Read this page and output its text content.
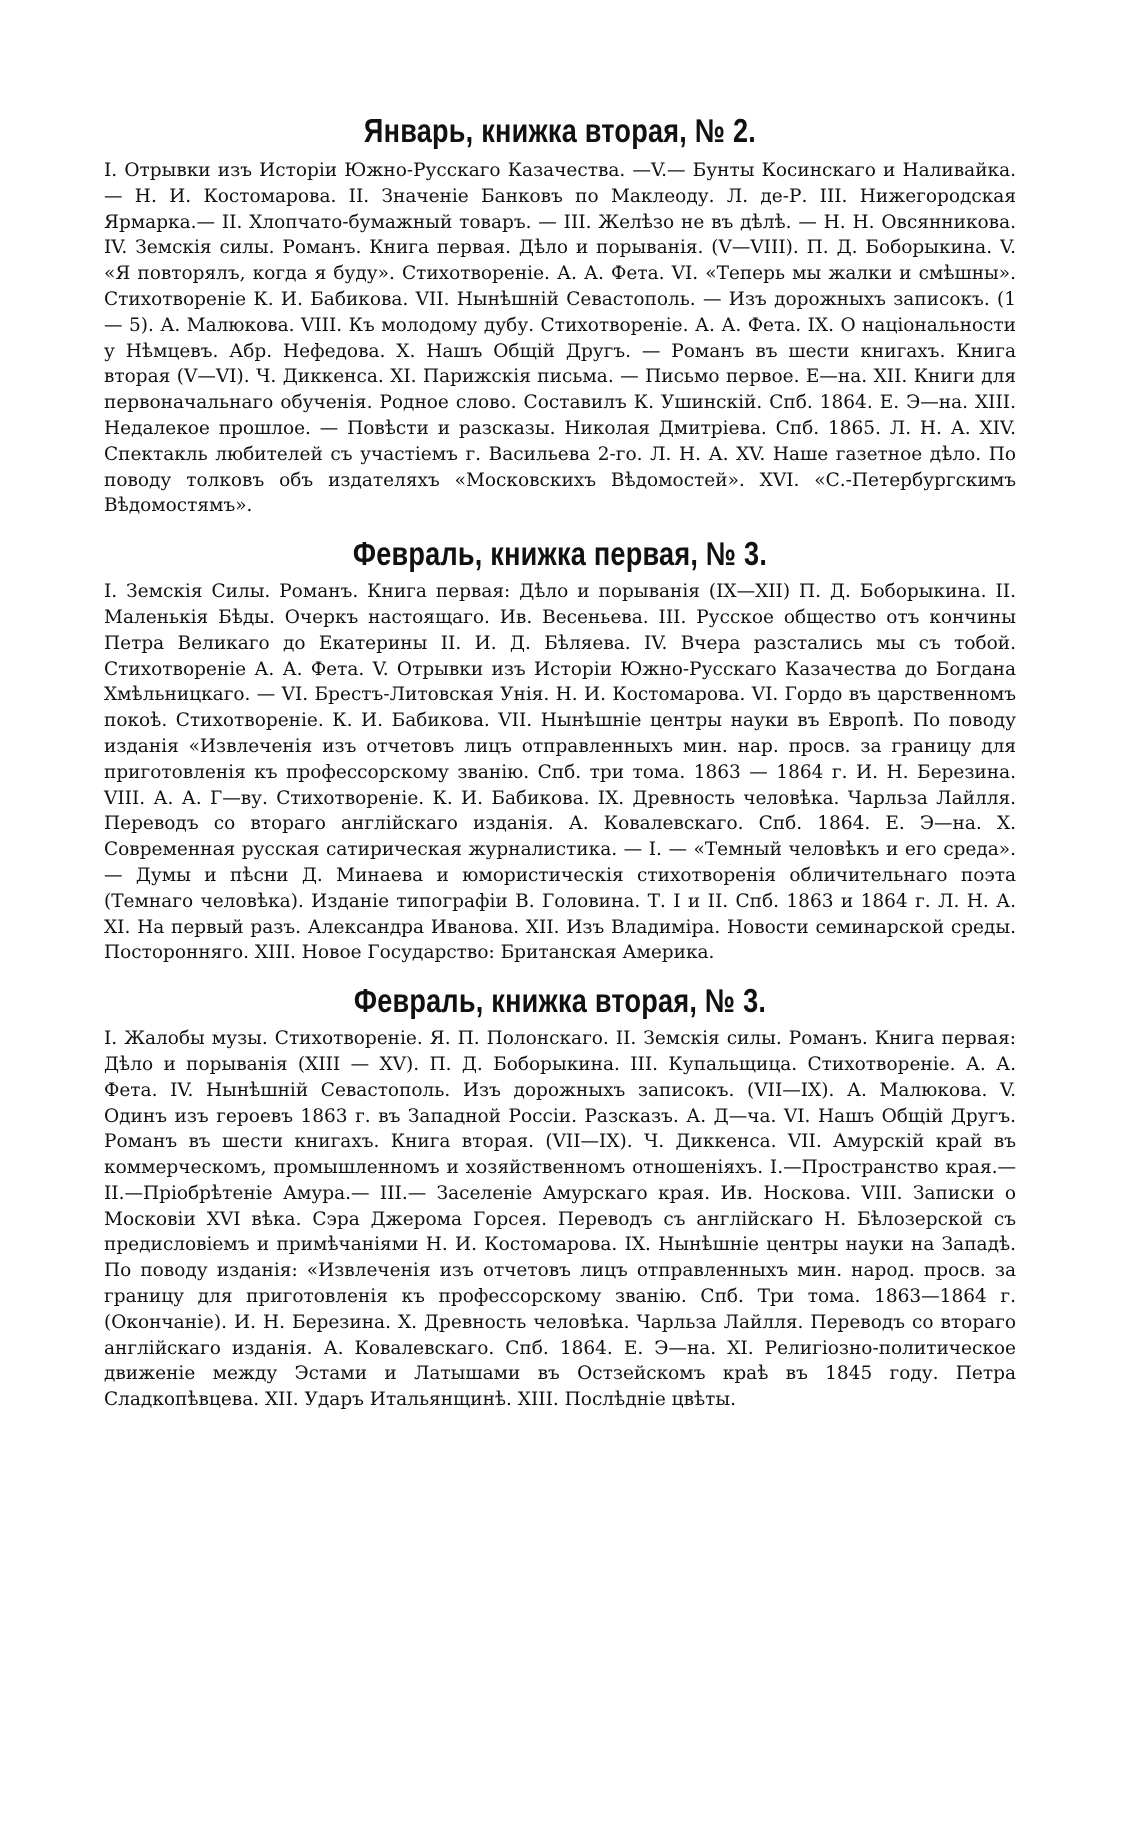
Январь, книжка вторая, № 2.

I. Отрывки изъ Исторіи Южно-Русскаго Казачества. —V.— Бунты Косинскаго и Наливайка. — Н. И. Костомарова. II. Значеніе Банковъ по Маклеоду. Л. де-Р. III. Нижегородская Ярмарка.— II. Хлопчато-бумажный товаръ. — III. Желѣзо не въ дѣлѣ. — Н. Н. Овсянникова. IV. Земскія силы. Романъ. Книга первая. Дѣло и порыванія. (V—VIII). П. Д. Боборыкина. V. «Я повторялъ, когда я буду». Стихотвореніе. А. А. Фета. VI. «Теперь мы жалки и смѣшны». Стихотвореніе К. И. Бабикова. VII. Нынѣшній Севастополь. — Изъ дорожныхъ записокъ. (1 — 5). А. Малюкова. VIII. Къ молодому дубу. Стихотвореніе. А. А. Фета. IX. О національности у Нѣмцевъ. Абр. Нефедова. X. Нашъ Общій Другъ. — Романъ въ шести книгахъ. Книга вторая (V—VI). Ч. Диккенса. XI. Парижскія письма. — Письмо первое. Е—на. XII. Книги для первоначальнаго обученія. Родное слово. Составилъ К. Ушинскій. Спб. 1864. Е. Э—на. XIII. Недалекое прошлое. — Повѣсти и разсказы. Николая Дмитріева. Спб. 1865. Л. Н. А. XIV. Спектакль любителей съ участіемъ г. Васильева 2-го. Л. Н. А. XV. Наше газетное дѣло. По поводу толковъ объ издателяхъ «Московскихъ Вѣдомостей». XVI. «С.-Петербургскимъ Вѣдомостямъ».

Февраль, книжка первая, № 3.

I. Земскія Силы. Романъ. Книга первая: Дѣло и порыванія (IX—XII) П. Д. Боборыкина. II. Маленькія Бѣды. Очеркъ настоящаго. Ив. Весеньева. III. Русское общество отъ кончины Петра Великаго до Екатерины II. И. Д. Бѣляева. IV. Вчера разстались мы съ тобой. Стихотвореніе А. А. Фета. V. Отрывки изъ Исторіи Южно-Русскаго Казачества до Богдана Хмѣльницкаго. — VI. Брестъ-Литовская Унія. Н. И. Костомарова. VI. Гордо въ царственномъ покоѣ. Стихотвореніе. К. И. Бабикова. VII. Нынѣшніе центры науки въ Европѣ. По поводу изданія «Извлеченія изъ отчетовъ лицъ отправленныхъ мин. нар. просв. за границу для приготовленія къ профессорскому званію. Спб. три тома. 1863 — 1864 г. И. Н. Березина. VIII. А. А. Г—ву. Стихотвореніе. К. И. Бабикова. IX. Древность человѣка. Чарльза Лайлля. Переводъ со втораго англійскаго изданія. А. Ковалевскаго. Спб. 1864. Е. Э—на. X. Современная русская сатирическая журналистика. — I. — «Темный человѣкъ и его среда».— Думы и пѣсни Д. Минаева и юмористическія стихотворенія обличительнаго поэта (Темнаго человѣка). Изданіе типографіи В. Головина. Т. I и II. Спб. 1863 и 1864 г. Л. Н. А. XI. На первый разъ. Александра Иванова. XII. Изъ Владиміра. Новости семинарской среды. Посторонняго. XIII. Новое Государство: Британская Америка.

Февраль, книжка вторая, № 3.

I. Жалобы музы. Стихотвореніе. Я. П. Полонскаго. II. Земскія силы. Романъ. Книга первая: Дѣло и порыванія (XIII — XV). П. Д. Боборыкина. III. Купальщица. Стихотвореніе. А. А. Фета. IV. Нынѣшній Севастополь. Изъ дорожныхъ записокъ. (VII—IX). А. Малюкова. V. Одинъ изъ героевъ 1863 г. въ Западной Россіи. Разсказъ. А. Д—ча. VI. Нашъ Общій Другъ. Романъ въ шести книгахъ. Книга вторая. (VII—IX). Ч. Диккенса. VII. Амурскій край въ коммерческомъ, промышленномъ и хозяйственномъ отношеніяхъ. I.—Пространство края.—II.—Пріобрѣтеніе Амура.— III.— Заселеніе Амурскаго края. Ив. Носкова. VIII. Записки о Московіи XVI вѣка. Сэра Джерома Горсея. Переводъ съ англійскаго Н. Бѣлозерской съ предисловіемъ и примѣчаніями Н. И. Костомарова. IX. Нынѣшніе центры науки на Западѣ. По поводу изданія: «Извлеченія изъ отчетовъ лицъ отправленныхъ мин. народ. просв. за границу для приготовленія къ профессорскому званію. Спб. Три тома. 1863—1864 г. (Окончаніе). И. Н. Березина. X. Древность человѣка. Чарльза Лайлля. Переводъ со втораго англійскаго изданія. А. Ковалевскаго. Спб. 1864. Е. Э—на. XI. Религіозно-политическое движеніе между Эстами и Латышами въ Остзейскомъ краѣ въ 1845 году. Петра Сладкопѣвцева. XII. Ударъ Итальянщинѣ. XIII. Послѣдніе цвѣты.
